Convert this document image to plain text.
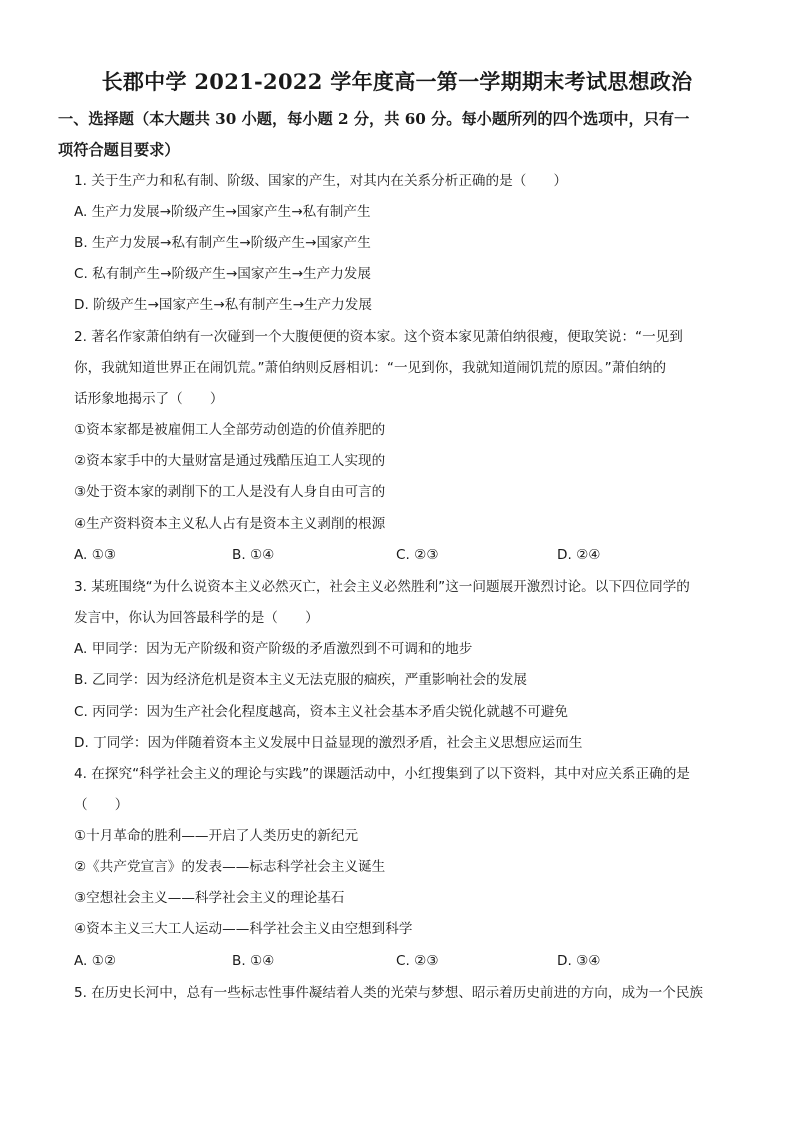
长郡中学 2021-2022 学年度高一第一学期期末考试思想政治
一、选择题（本大题共 30 小题，每小题 2 分，共 60 分。每小题所列的四个选项中，只有一
项符合题目要求）
1. 关于生产力和私有制、阶级、国家的产生，对其内在关系分析正确的是（　　）
A. 生产力发展→阶级产生→国家产生→私有制产生
B. 生产力发展→私有制产生→阶级产生→国家产生
C. 私有制产生→阶级产生→国家产生→生产力发展
D. 阶级产生→国家产生→私有制产生→生产力发展
2. 著名作家萧伯纳有一次碰到一个大腹便便的资本家。这个资本家见萧伯纳很瘦，便取笑说：“一见到
你，我就知道世界正在闹饥荒。”萧伯纳则反唇相讥：“一见到你，我就知道闹饥荒的原因。”萧伯纳的
话形象地揭示了（　　）
①资本家都是被雇佣工人全部劳动创造的价值养肥的
②资本家手中的大量财富是通过残酷压迫工人实现的
③处于资本家的剥削下的工人是没有人身自由可言的
④生产资料资本主义私人占有是资本主义剥削的根源
A. ①③	B. ①④	C. ②③	D. ②④
3. 某班围绕“为什么说资本主义必然灭亡，社会主义必然胜利”这一问题展开激烈讨论。以下四位同学的
发言中，你认为回答最科学的是（　　）
A. 甲同学：因为无产阶级和资产阶级的矛盾激烈到不可调和的地步
B. 乙同学：因为经济危机是资本主义无法克服的痼疾，严重影响社会的发展
C. 丙同学：因为生产社会化程度越高，资本主义社会基本矛盾尖锐化就越不可避免
D. 丁同学：因为伴随着资本主义发展中日益显现的激烈矛盾，社会主义思想应运而生
4. 在探究“科学社会主义的理论与实践”的课题活动中，小红搜集到了以下资料，其中对应关系正确的是
（　　）
①十月革命的胜利——开启了人类历史的新纪元
②《共产党宣言》的发表——标志科学社会主义诞生
③空想社会主义——科学社会主义的理论基石
④资本主义三大工人运动——科学社会主义由空想到科学
A. ①②	B. ①④	C. ②③	D. ③④
5. 在历史长河中，总有一些标志性事件凝结着人类的光荣与梦想、昭示着历史前进的方向，成为一个民族
